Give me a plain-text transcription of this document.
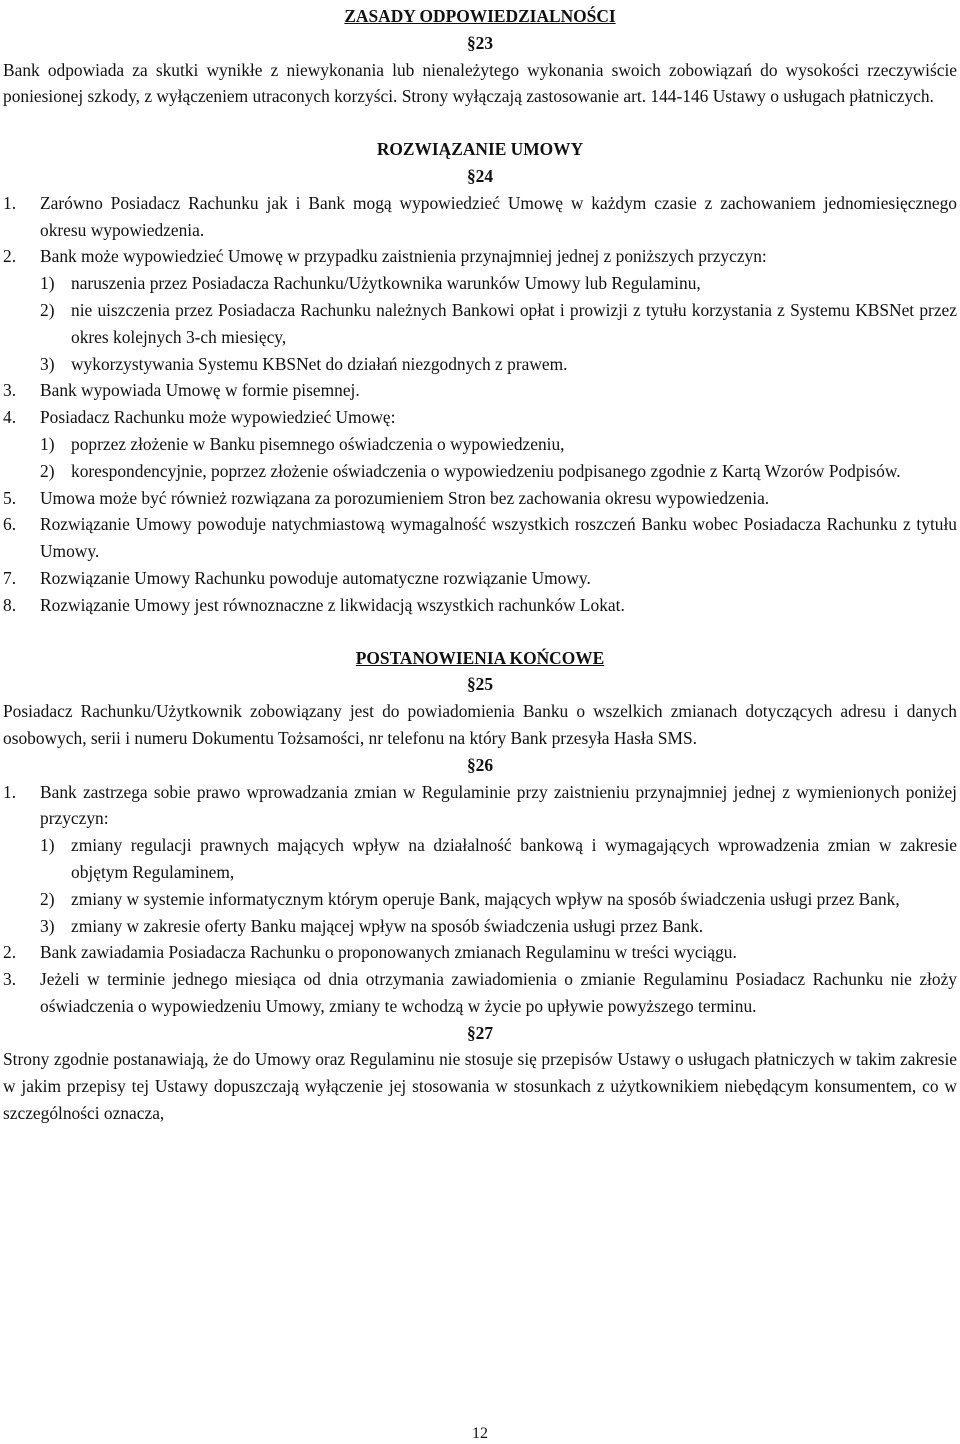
ZASADY ODPOWIEDZIALNOŚCI
§23
Bank odpowiada za skutki wynikłe z niewykonania lub nienależytego wykonania swoich zobowiązań do wysokości rzeczywiście poniesionej szkody, z wyłączeniem utraconych korzyści. Strony wyłączają zastosowanie art. 144-146 Ustawy o usługach płatniczych.
ROZWIĄZANIE UMOWY
§24
1.	Zarówno Posiadacz Rachunku jak i Bank mogą wypowiedzieć Umowę w każdym czasie z zachowaniem jednomiesięcznego okresu wypowiedzenia.
2.	Bank może wypowiedzieć Umowę w przypadku zaistnienia przynajmniej jednej z poniższych przyczyn:
1) naruszenia przez Posiadacza Rachunku/Użytkownika warunków Umowy lub Regulaminu,
2) nie uiszczenia przez Posiadacza Rachunku należnych Bankowi opłat i prowizji z tytułu korzystania z Systemu KBSNet przez okres kolejnych 3-ch miesięcy,
3) wykorzystywania Systemu KBSNet do działań niezgodnych z prawem.
3.	Bank wypowiada Umowę w formie pisemnej.
4.	Posiadacz Rachunku może wypowiedzieć Umowę:
1) poprzez złożenie w Banku pisemnego oświadczenia o wypowiedzeniu,
2) korespondencyjnie, poprzez złożenie oświadczenia o wypowiedzeniu podpisanego zgodnie z Kartą Wzorów Podpisów.
5.	Umowa może być również rozwiązana za porozumieniem Stron bez zachowania okresu wypowiedzenia.
6.	Rozwiązanie Umowy powoduje natychmiastową wymagalność wszystkich roszczeń Banku wobec Posiadacza Rachunku z tytułu Umowy.
7.	Rozwiązanie Umowy Rachunku powoduje automatyczne rozwiązanie Umowy.
8.	Rozwiązanie Umowy jest równoznaczne z likwidacją wszystkich rachunków Lokat.
POSTANOWIENIA KOŃCOWE
§25
Posiadacz Rachunku/Użytkownik zobowiązany jest do powiadomienia Banku o wszelkich zmianach dotyczących adresu i danych osobowych, serii i numeru Dokumentu Tożsamości, nr telefonu na który Bank przesyła Hasła SMS.
§26
1.	Bank zastrzega sobie prawo wprowadzania zmian w Regulaminie przy zaistnieniu przynajmniej jednej z wymienionych poniżej przyczyn:
1) zmiany regulacji prawnych mających wpływ na działalność bankową i wymagających wprowadzenia zmian w zakresie objętym Regulaminem,
2) zmiany w systemie informatycznym którym operuje Bank, mających wpływ na sposób świadczenia usługi przez Bank,
3) zmiany w zakresie oferty Banku mającej wpływ na sposób świadczenia usługi przez Bank.
2.	Bank zawiadamia Posiadacza Rachunku o proponowanych zmianach Regulaminu w treści wyciągu.
3.	Jeżeli w terminie jednego miesiąca od dnia otrzymania zawiadomienia o zmianie Regulaminu Posiadacz Rachunku nie złoży oświadczenia o wypowiedzeniu Umowy, zmiany te wchodzą w życie po upływie powyższego terminu.
§27
Strony zgodnie postanawiają, że do Umowy oraz Regulaminu nie stosuje się przepisów Ustawy o usługach płatniczych w takim zakresie w jakim przepisy tej Ustawy dopuszczają wyłączenie jej stosowania w stosunkach z użytkownikiem niebędącym konsumentem, co w szczególności oznacza,
12
